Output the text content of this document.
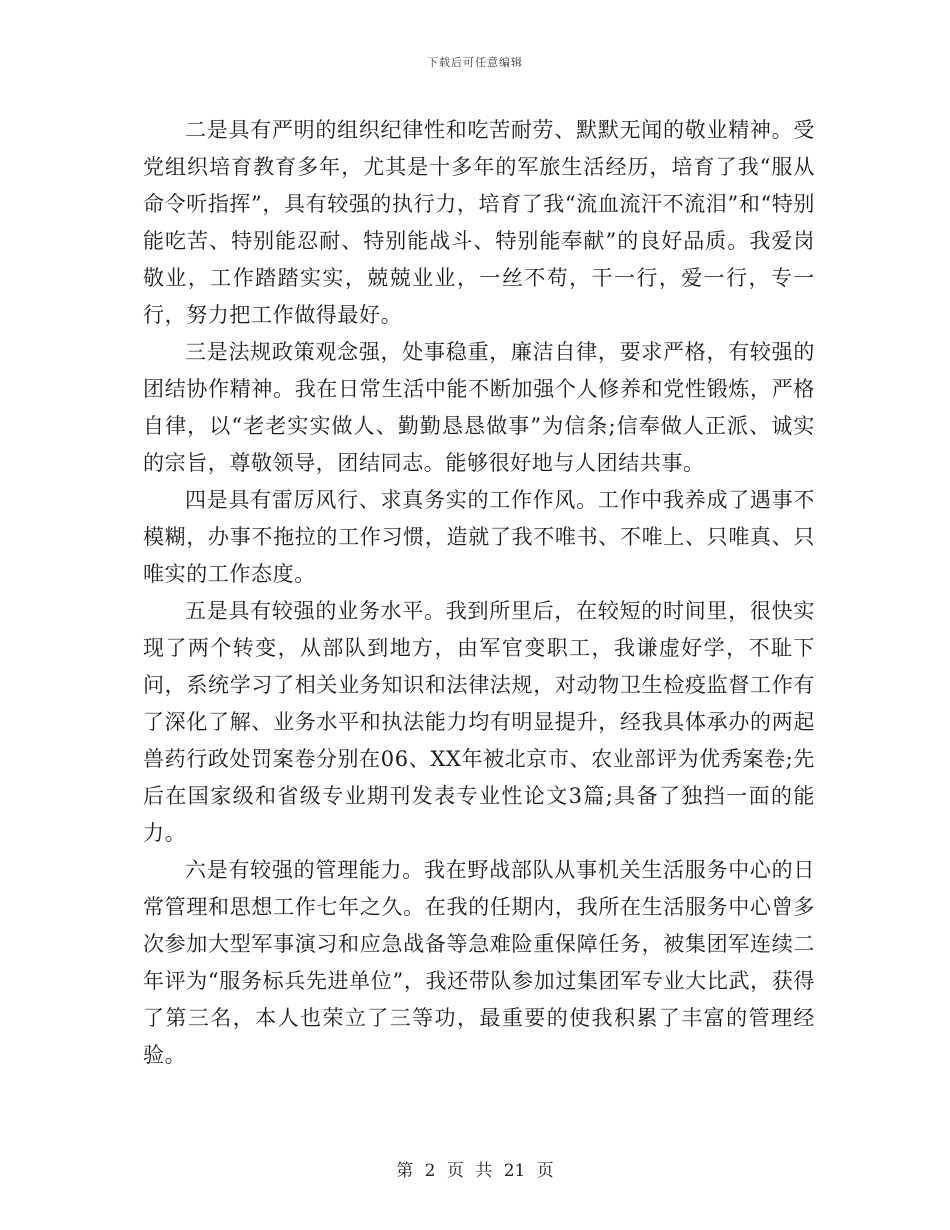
下载后可任意编辑

二是具有严明的组织纪律性和吃苦耐劳、默默无闻的敬业精神。受党组织培育教育多年，尤其是十多年的军旅生活经历，培育了我“服从命令听指挥”，具有较强的执行力，培育了我“流血流汗不流泪”和“特别能吃苦、特别能忍耐、特别能战斗、特别能奉献”的良好品质。我爱岗敬业，工作踏踏实实，兢兢业业，一丝不苟，干一行，爱一行，专一行，努力把工作做得最好。

三是法规政策观念强，处事稳重，廉洁自律，要求严格，有较强的团结协作精神。我在日常生活中能不断加强个人修养和党性锻炼，严格自律，以“老老实实做人、勤勤恳恳做事”为信条;信奉做人正派、诚实的宗旨，尊敬领导，团结同志。能够很好地与人团结共事。

四是具有雷厉风行、求真务实的工作作风。工作中我养成了遇事不模糊，办事不拖拉的工作习惯，造就了我不唯书、不唯上、只唯真、只唯实的工作态度。

五是具有较强的业务水平。我到所里后，在较短的时间里，很快实现了两个转变，从部队到地方，由军官变职工，我谦虚好学，不耻下问，系统学习了相关业务知识和法律法规，对动物卫生检疫监督工作有了深化了解、业务水平和执法能力均有明显提升，经我具体承办的两起兽药行政处罚案卷分别在06、XX年被北京市、农业部评为优秀案卷;先后在国家级和省级专业期刊发表专业性论文3篇;具备了独挡一面的能力。

六是有较强的管理能力。我在野战部队从事机关生活服务中心的日常管理和思想工作七年之久。在我的任期内，我所在生活服务中心曾多次参加大型军事演习和应急战备等急难险重保障任务，被集团军连续二年评为“服务标兵先进单位”，我还带队参加过集团军专业大比武，获得了第三名，本人也荣立了三等功，最重要的使我积累了丰富的管理经验。

第 2 页 共 21 页
